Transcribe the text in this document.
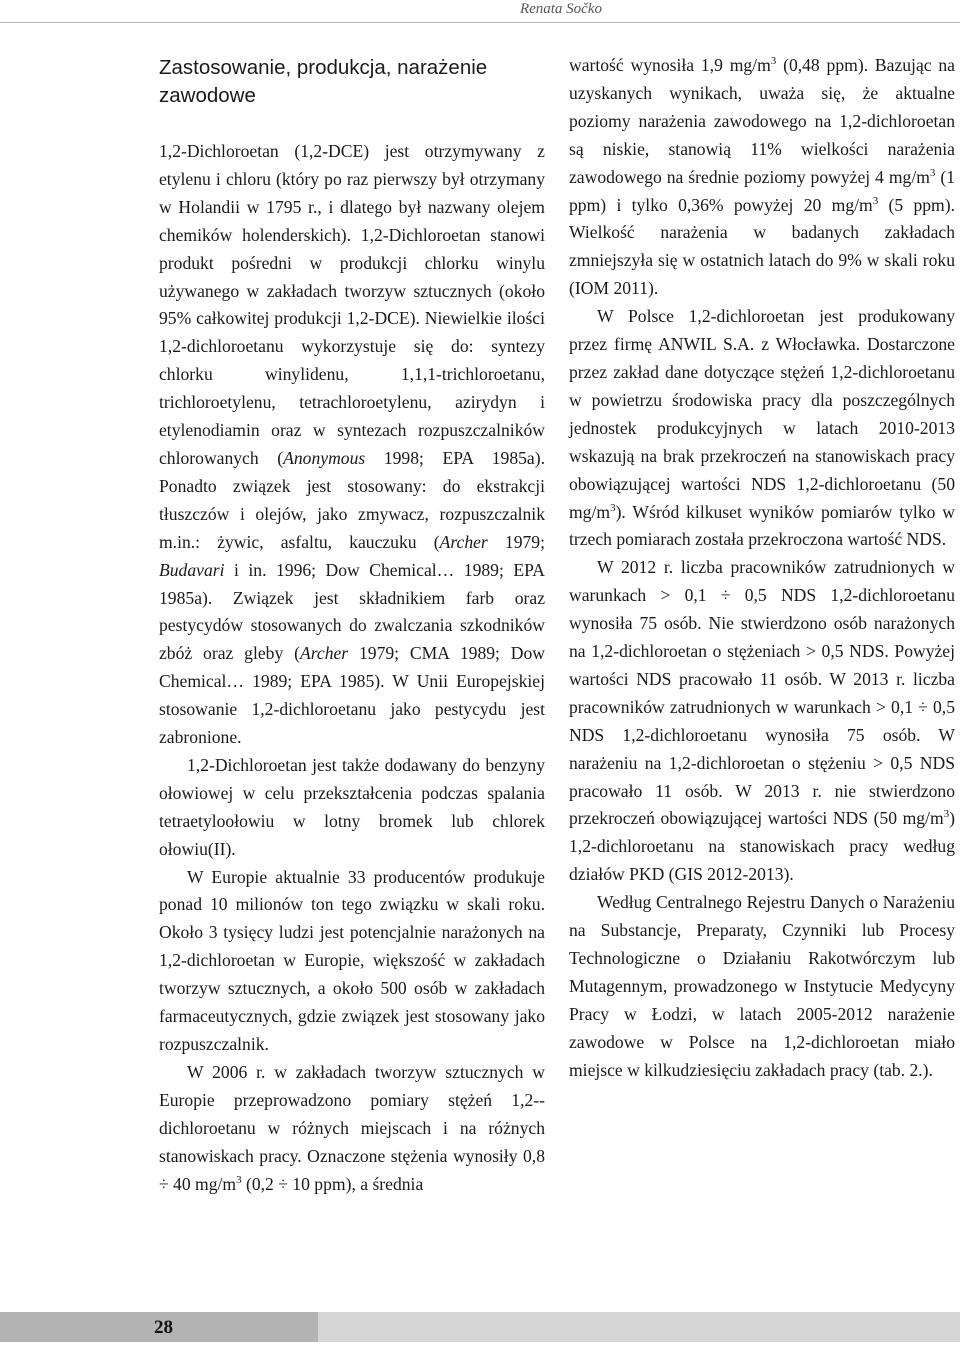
Renata Sočko
Zastosowanie, produkcja, narażenie zawodowe

1,2-Dichloroetan (1,2-DCE) jest otrzymywany z etylenu i chloru (który po raz pierwszy był otrzymany w Holandii w 1795 r., i dlatego był nazwany olejem chemików holenderskich). 1,2-Dichloroetan stanowi produkt pośredni w produkcji chlorku winylu używanego w zakładach tworzyw sztucznych (około 95% całkowitej produkcji 1,2-DCE). Niewielkie ilości 1,2-dichloroetanu wykorzystuje się do: syntezy chlorku winylidenu, 1,1,1-trichloroetanu, trichloroetylenu, tetrachloroetylenu, azirydyn i etylenodiamin oraz w syntezach rozpuszczalników chlorowanych (Anonymous 1998; EPA 1985a). Ponadto związek jest stosowany: do ekstrakcji tłuszczów i olejów, jako zmywacz, rozpuszczalnik m.in.: żywic, asfaltu, kauczuku (Archer 1979; Budavari i in. 1996; Dow Chemical… 1989; EPA 1985a). Związek jest składnikiem farb oraz pestycydów stosowanych do zwalczania szkodników zbóż oraz gleby (Archer 1979; CMA 1989; Dow Chemical… 1989; EPA 1985). W Unii Europejskiej stosowanie 1,2-dichloroetanu jako pestycydu jest zabronione.

1,2-Dichloroetan jest także dodawany do benzyny ołowiowej w celu przekształcenia podczas spalania tetraetyloołowiu w lotny bromek lub chlorek ołowiu(II).

W Europie aktualnie 33 producentów produkuje ponad 10 milionów ton tego związku w skali roku. Około 3 tysięcy ludzi jest potencjalnie narażonych na 1,2-dichloroetan w Europie, większość w zakładach tworzyw sztucznych, a około 500 osób w zakładach farmaceutycznych, gdzie związek jest stosowany jako rozpuszczalnik.

W 2006 r. w zakładach tworzyw sztucznych w Europie przeprowadzono pomiary stężeń 1,2--dichloroetanu w różnych miejscach i na różnych stanowiskach pracy. Oznaczone stężenia wynosiły 0,8 ÷ 40 $mg/m^3$ (0,2 ÷ 10 ppm), a średnia

wartość wynosiła 1,9 $mg/m^3$ (0,48 ppm). Bazując na uzyskanych wynikach, uważa się, że aktualne poziomy narażenia zawodowego na 1,2-dichloroetan są niskie, stanowią 11% wielkości narażenia zawodowego na średnie poziomy powyżej 4 $mg/m^3$ (1 ppm) i tylko 0,36% powyżej 20 $mg/m^3$ (5 ppm). Wielkość narażenia w badanych zakładach zmniejszyła się w ostatnich latach do 9% w skali roku (IOM 2011).

W Polsce 1,2-dichloroetan jest produkowany przez firmę ANWIL S.A. z Włocławka. Dostarczone przez zakład dane dotyczące stężeń 1,2-dichloroetanu w powietrzu środowiska pracy dla poszczególnych jednostek produkcyjnych w latach 2010-2013 wskazują na brak przekroczeń na stanowiskach pracy obowiązującej wartości NDS 1,2-dichloroetanu (50 $mg/m^3$). Wśród kilkuset wyników pomiarów tylko w trzech pomiarach została przekroczona wartość NDS.

W 2012 r. liczba pracowników zatrudnionych w warunkach > 0,1 ÷ 0,5 NDS 1,2-dichloroetanu wynosiła 75 osób. Nie stwierdzono osób narażonych na 1,2-dichloroetan o stężeniach > 0,5 NDS. Powyżej wartości NDS pracowało 11 osób. W 2013 r. liczba pracowników zatrudnionych w warunkach > 0,1 ÷ 0,5 NDS 1,2-dichloroetanu wynosiła 75 osób. W narażeniu na 1,2-dichloroetan o stężeniu > 0,5 NDS pracowało 11 osób. W 2013 r. nie stwierdzono przekroczeń obowiązującej wartości NDS (50 $mg/m^3$) 1,2-dichloroetanu na stanowiskach pracy według działów PKD (GIS 2012-2013).

Według Centralnego Rejestru Danych o Narażeniu na Substancje, Preparaty, Czynniki lub Procesy Technologiczne o Działaniu Rakotwórczym lub Mutagennym, prowadzonego w Instytucie Medycyny Pracy w Łodzi, w latach 2005-2012 narażenie zawodowe w Polsce na 1,2-dichloroetan miało miejsce w kilkudziesięciu zakładach pracy (tab. 2.).

28
